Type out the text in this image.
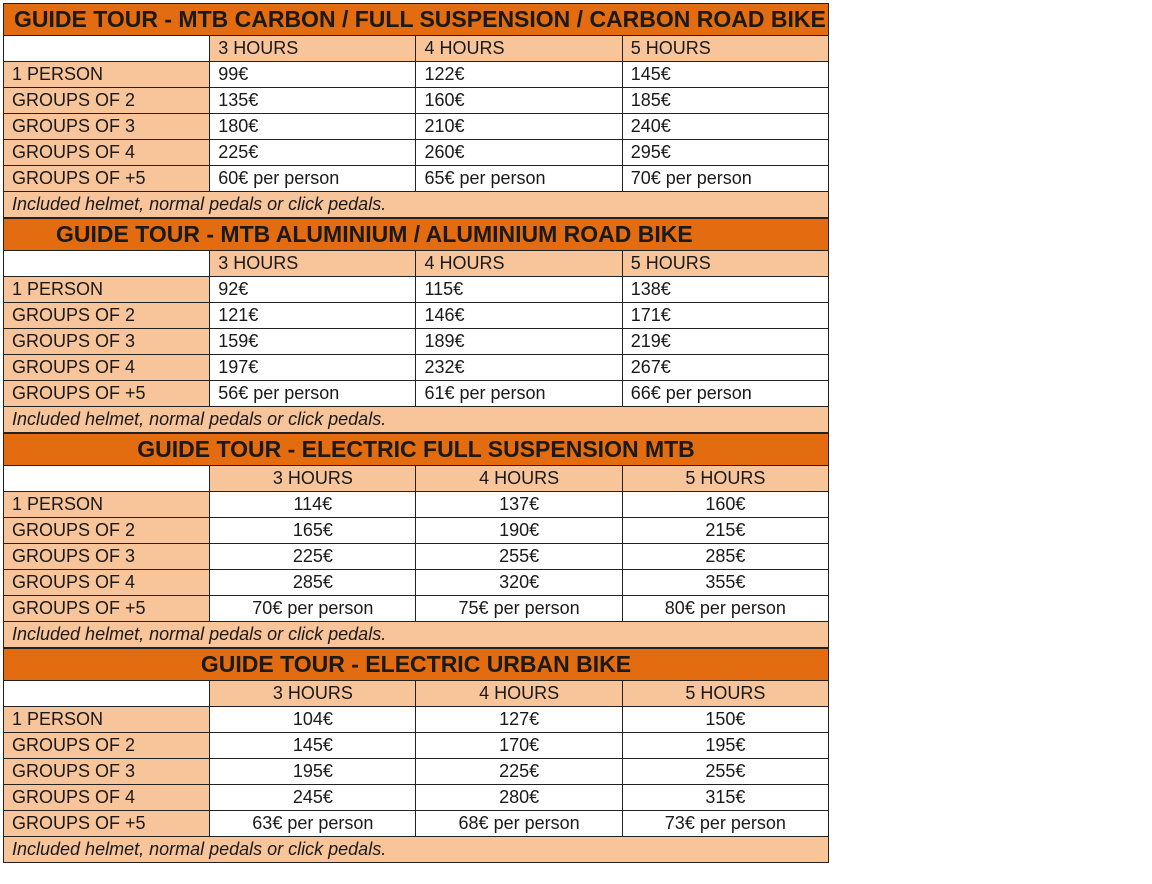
GUIDE TOUR - MTB CARBON / FULL SUSPENSION / CARBON ROAD BIKE			
	3 HOURS	4 HOURS	5 HOURS
1 PERSON	99€	122€	145€
GROUPS OF 2	135€	160€	185€
GROUPS OF 3	180€	210€	240€
GROUPS OF 4	225€	260€	295€
GROUPS OF +5	60€ per person	65€ per person	70€ per person
Included helmet, normal pedals or click pedals.			
GUIDE TOUR - MTB ALUMINIUM / ALUMINIUM ROAD BIKE			
	3 HOURS	4 HOURS	5 HOURS
1 PERSON	92€	115€	138€
GROUPS OF 2	121€	146€	171€
GROUPS OF 3	159€	189€	219€
GROUPS OF 4	197€	232€	267€
GROUPS OF +5	56€ per person	61€ per person	66€ per person
Included helmet, normal pedals or click pedals.			
GUIDE TOUR - ELECTRIC FULL SUSPENSION MTB			
	3 HOURS	4 HOURS	5 HOURS
1 PERSON	114€	137€	160€
GROUPS OF 2	165€	190€	215€
GROUPS OF 3	225€	255€	285€
GROUPS OF 4	285€	320€	355€
GROUPS OF +5	70€ per person	75€ per person	80€ per person
Included helmet, normal pedals or click pedals.			
GUIDE TOUR - ELECTRIC URBAN BIKE			
	3 HOURS	4 HOURS	5 HOURS
1 PERSON	104€	127€	150€
GROUPS OF 2	145€	170€	195€
GROUPS OF 3	195€	225€	255€
GROUPS OF 4	245€	280€	315€
GROUPS OF +5	63€ per person	68€ per person	73€ per person
Included helmet, normal pedals or click pedals.			
